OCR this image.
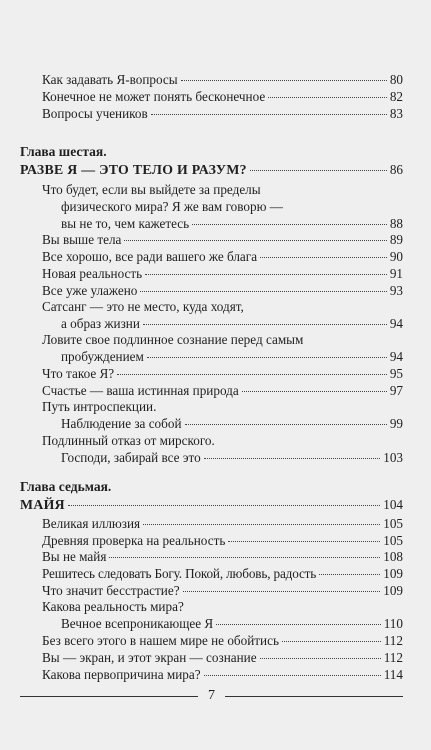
Как задавать Я-вопросы	80
Конечное не может понять бесконечное	82
Вопросы учеников	83
Глава шестая.
РАЗВЕ Я — ЭТО ТЕЛО И РАЗУМ?	86
Что будет, если вы выйдете за пределы
физического мира? Я же вам говорю —
вы не то, чем кажетесь	88
Вы выше тела	89
Все хорошо, все ради вашего же блага	90
Новая реальность	91
Все уже улажено	93
Сатсанг — это не место, куда ходят,
а образ жизни	94
Ловите свое подлинное сознание перед самым
пробуждением	94
Что такое Я?	95
Счастье — ваша истинная природа	97
Путь интроспекции.
Наблюдение за собой	99
Подлинный отказ от мирского.
Господи, забирай все это	103
Глава седьмая.
МАЙЯ	104
Великая иллюзия	105
Древняя проверка на реальность	105
Вы не майя	108
Решитесь следовать Богу. Покой, любовь, радость	109
Что значит бесстрастие?	109
Какова реальность мира?
Вечное всепроникающее Я	110
Без всего этого в нашем мире не обойтись	112
Вы — экран, и этот экран — сознание	112
Какова первопричина мира?	114
7
